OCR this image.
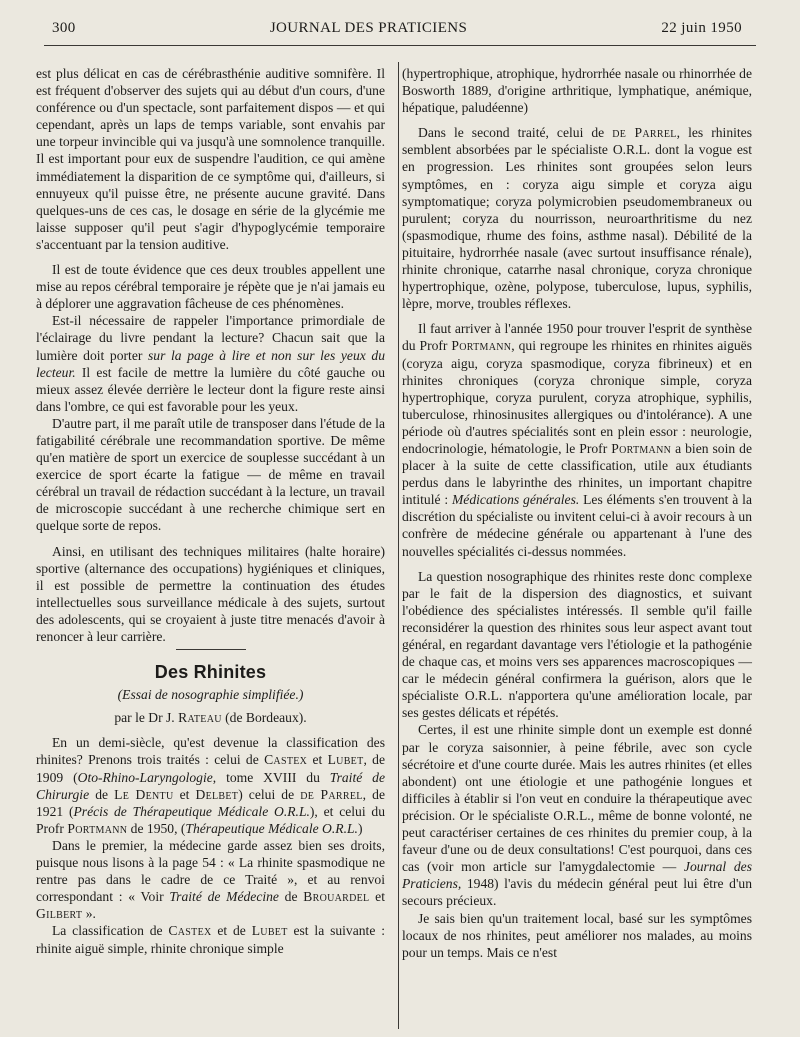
300	JOURNAL DES PRATICIENS	22 juin 1950

est plus délicat en cas de cérébrasthénie auditive somnifère. Il est fréquent d'observer des sujets qui au début d'un cours, d'une conférence ou d'un spectacle, sont parfaitement dispos — et qui cependant, après un laps de temps variable, sont envahis par une torpeur invincible qui va jusqu'à une somnolence tranquille. Il est important pour eux de suspendre l'audition, ce qui amène immédiatement la disparition de ce symptôme qui, d'ailleurs, si ennuyeux qu'il puisse être, ne présente aucune gravité. Dans quelques-uns de ces cas, le dosage en série de la glycémie me laisse supposer qu'il peut s'agir d'hypoglycémie temporaire s'accentuant par la tension auditive.

Il est de toute évidence que ces deux troubles appellent une mise au repos cérébral temporaire je répète que je n'ai jamais eu à déplorer une aggravation fâcheuse de ces phénomènes.

Est-il nécessaire de rappeler l'importance primordiale de l'éclairage du livre pendant la lecture? Chacun sait que la lumière doit porter sur la page à lire et non sur les yeux du lecteur. Il est facile de mettre la lumière du côté gauche ou mieux assez élevée derrière le lecteur dont la figure reste ainsi dans l'ombre, ce qui est favorable pour les yeux.

D'autre part, il me paraît utile de transposer dans l'étude de la fatigabilité cérébrale une recommandation sportive. De même qu'en matière de sport un exercice de souplesse succédant à un exercice de sport écarte la fatigue — de même en travail cérébral un travail de rédaction succédant à la lecture, un travail de microscopie succédant à une recherche chimique sert en quelque sorte de repos.

Ainsi, en utilisant des techniques militaires (halte horaire) sportive (alternance des occupations) hygiéniques et cliniques, il est possible de permettre la continuation des études intellectuelles sous surveillance médicale à des sujets, surtout des adolescents, qui se croyaient à juste titre menacés d'avoir à renoncer à leur carrière.

Des Rhinites
(Essai de nosographie simplifiée.)
par le Dr J. Rateau (de Bordeaux).

En un demi-siècle, qu'est devenue la classification des rhinites? Prenons trois traités : celui de Castex et Lubet, de 1909 (Oto-Rhino-Laryngologie, tome XVIII du Traité de Chirurgie de Le Dentu et Delbet) celui de de Parrel, de 1921 (Précis de Thérapeutique Médicale O.R.L.), et celui du Profr Portmann de 1950, (Thérapeutique Médicale O.R.L.)

Dans le premier, la médecine garde assez bien ses droits, puisque nous lisons à la page 54 : « La rhinite spasmodique ne rentre pas dans le cadre de ce Traité », et au renvoi correspondant : « Voir Traité de Médecine de Brouardel et Gilbert ».

La classification de Castex et de Lubet est la suivante : rhinite aiguë simple, rhinite chronique simple

(hypertrophique, atrophique, hydrorrhée nasale ou rhinorrhée de Bosworth 1889, d'origine arthritique, lymphatique, anémique, hépatique, paludéenne)

Dans le second traité, celui de de Parrel, les rhinites semblent absorbées par le spécialiste O.R.L. dont la vogue est en progression. Les rhinites sont groupées selon leurs symptômes, en : coryza aigu simple et coryza aigu symptomatique; coryza polymicrobien pseudomembraneux ou purulent; coryza du nourrisson, neuroarthritisme du nez (spasmodique, rhume des foins, asthme nasal). Débilité de la pituitaire, hydrorrhée nasale (avec surtout insuffisance rénale), rhinite chronique, catarrhe nasal chronique, coryza chronique hypertrophique, ozène, polypose, tuberculose, lupus, syphilis, lèpre, morve, troubles réflexes.

Il faut arriver à l'année 1950 pour trouver l'esprit de synthèse du Profr Portmann, qui regroupe les rhinites en rhinites aiguës (coryza aigu, coryza spasmodique, coryza fibrineux) et en rhinites chroniques (coryza chronique simple, coryza hypertrophique, coryza purulent, coryza atrophique, syphilis, tuberculose, rhinosinusites allergiques ou d'intolérance). A une période où d'autres spécialités sont en plein essor : neurologie, endocrinologie, hématologie, le Profr Portmann a bien soin de placer à la suite de cette classification, utile aux étudiants perdus dans le labyrinthe des rhinites, un important chapitre intitulé : Médications générales. Les éléments s'en trouvent à la discrétion du spécialiste ou invitent celui-ci à avoir recours à un confrère de médecine générale ou appartenant à l'une des nouvelles spécialités ci-dessus nommées.

La question nosographique des rhinites reste donc complexe par le fait de la dispersion des diagnostics, et suivant l'obédience des spécialistes intéressés. Il semble qu'il faille reconsidérer la question des rhinites sous leur aspect avant tout général, en regardant davantage vers l'étiologie et la pathogénie de chaque cas, et moins vers ses apparences macroscopiques — car le médecin général confirmera la guérison, alors que le spécialiste O.R.L. n'apportera qu'une amélioration locale, par ses gestes délicats et répétés.

Certes, il est une rhinite simple dont un exemple est donné par le coryza saisonnier, à peine fébrile, avec son cycle sécrétoire et d'une courte durée. Mais les autres rhinites (et elles abondent) ont une étiologie et une pathogénie longues et difficiles à établir si l'on veut en conduire la thérapeutique avec précision. Or le spécialiste O.R.L., même de bonne volonté, ne peut caractériser certaines de ces rhinites du premier coup, à la faveur d'une ou de deux consultations! C'est pourquoi, dans ces cas (voir mon article sur l'amygdalectomie — Journal des Praticiens, 1948) l'avis du médecin général peut lui être d'un secours précieux.

Je sais bien qu'un traitement local, basé sur les symptômes locaux de nos rhinites, peut améliorer nos malades, au moins pour un temps. Mais ce n'est
